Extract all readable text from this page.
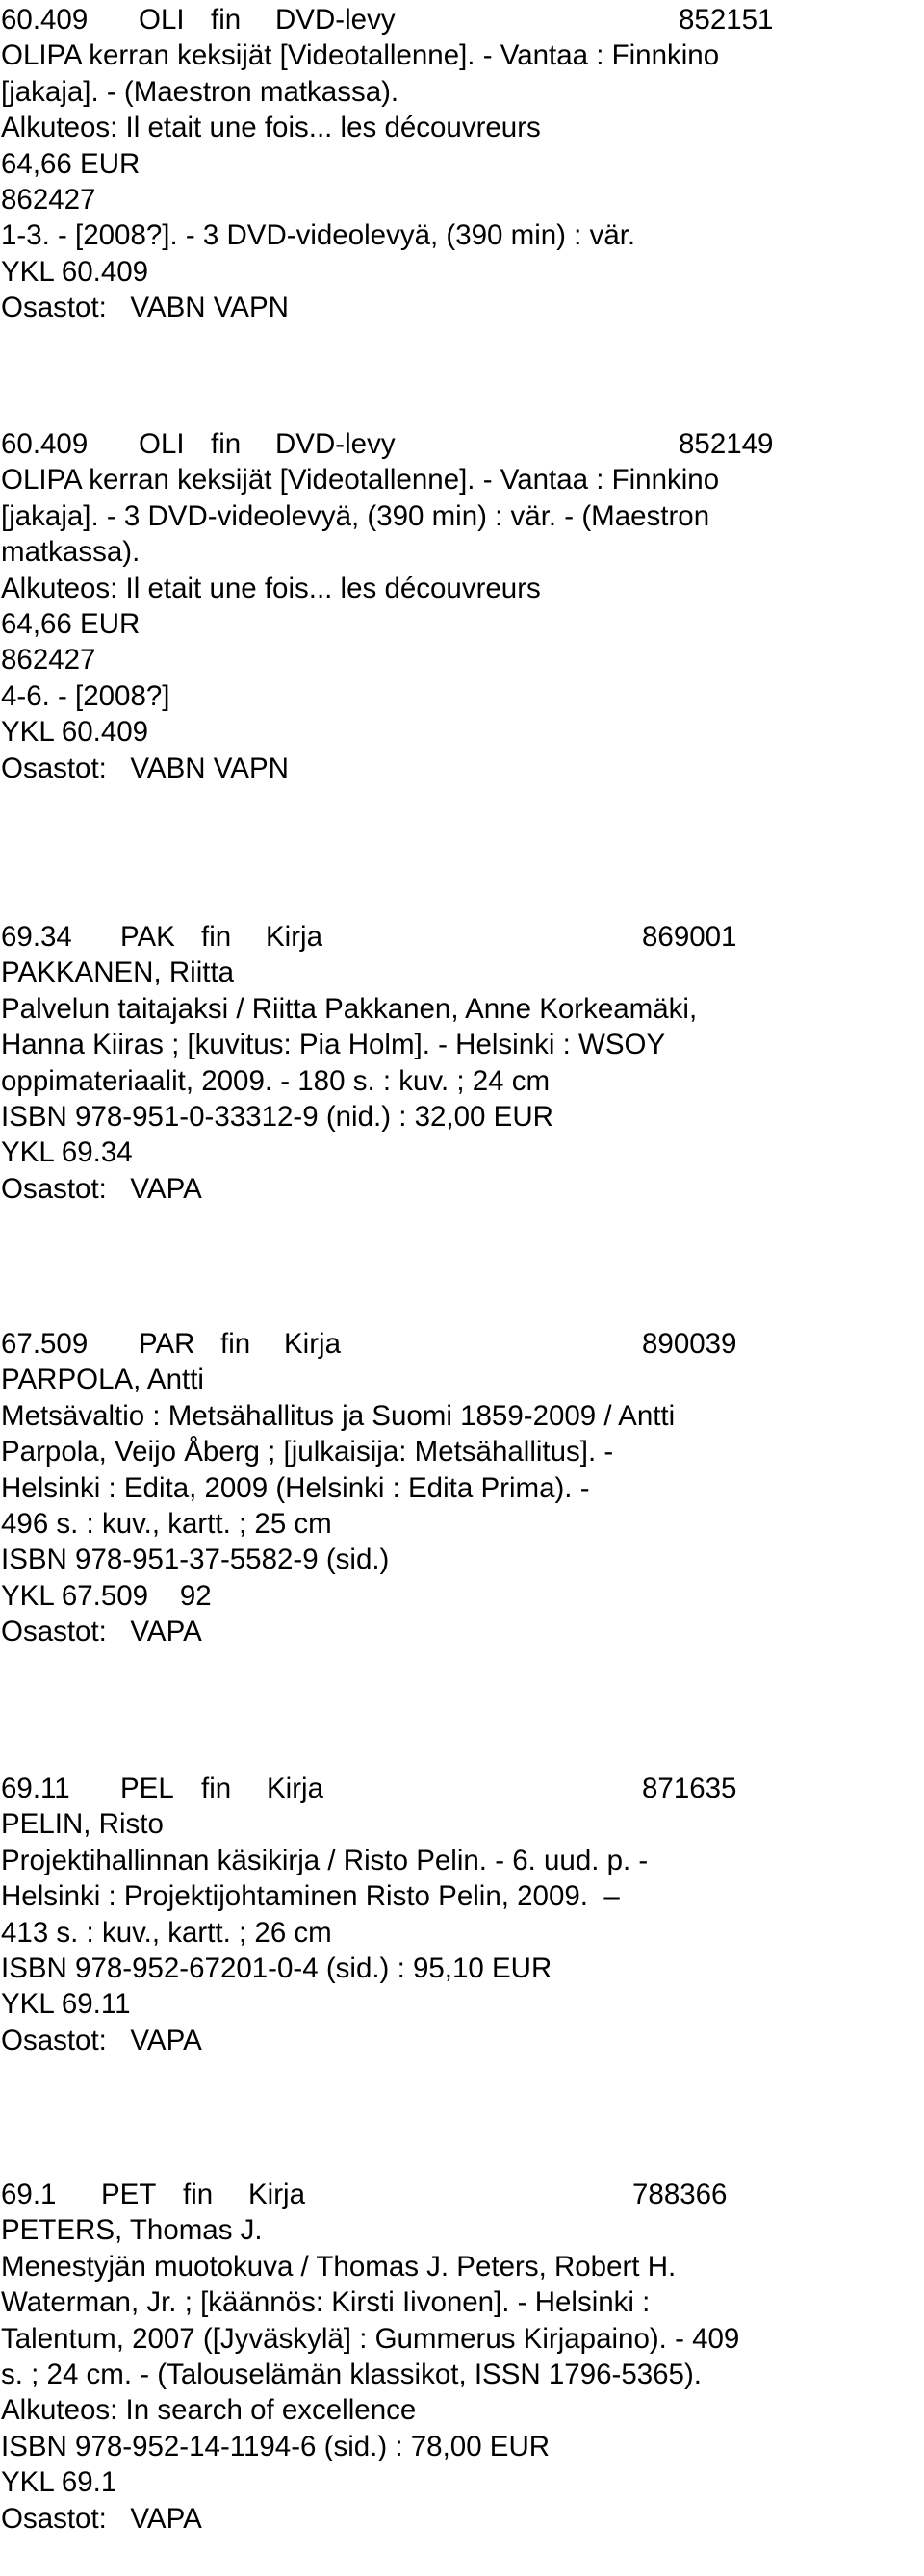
60.409

OLI

fin

DVD-levy

	852151

OLIPA kerran keksijät [Videotallenne]. - Vantaa : Finnkino
[jakaja]. - (Maestron matkassa).
Alkuteos: Il etait une fois... les découvreurs
64,66 EUR
862427
1-3. - [2008?]. - 3 DVD-videolevyä, (390 min) : vär.
YKL 60.409
Osastot:   VABN VAPN

60.409

OLI

fin

DVD-levy

	852149

OLIPA kerran keksijät [Videotallenne]. - Vantaa : Finnkino
[jakaja]. - 3 DVD-videolevyä, (390 min) : vär. - (Maestron
matkassa).
Alkuteos: Il etait une fois... les découvreurs
64,66 EUR
862427
4-6. - [2008?]
YKL 60.409
Osastot:   VABN VAPN

69.34

PAK

fin

Kirja

	869001

PAKKANEN, Riitta
Palvelun taitajaksi / Riitta Pakkanen, Anne Korkeamäki,
Hanna Kiiras ; [kuvitus: Pia Holm]. - Helsinki : WSOY
oppimateriaalit, 2009. - 180 s. : kuv. ; 24 cm
ISBN 978-951-0-33312-9 (nid.) : 32,00 EUR
YKL 69.34
Osastot:   VAPA

67.509

PAR

fin

Kirja

	890039

PARPOLA, Antti
Metsävaltio : Metsähallitus ja Suomi 1859-2009 / Antti
Parpola, Veijo Åberg ; [julkaisija: Metsähallitus]. -
Helsinki : Edita, 2009 (Helsinki : Edita Prima). -
496 s. : kuv., kartt. ; 25 cm
ISBN 978-951-37-5582-9 (sid.)
YKL 67.509    92
Osastot:   VAPA

69.11

PEL

fin

Kirja

	871635

PELIN, Risto
Projektihallinnan käsikirja / Risto Pelin. - 6. uud. p. -
Helsinki : Projektijohtaminen Risto Pelin, 2009.  –
413 s. : kuv., kartt. ; 26 cm
ISBN 978-952-67201-0-4 (sid.) : 95,10 EUR
YKL 69.11
Osastot:   VAPA

69.1

PET

fin

Kirja

	788366

PETERS, Thomas J.
Menestyjän muotokuva / Thomas J. Peters, Robert H.
Waterman, Jr. ; [käännös: Kirsti Iivonen]. - Helsinki :
Talentum, 2007 ([Jyväskylä] : Gummerus Kirjapaino). - 409
s. ; 24 cm. - (Talouselämän klassikot, ISSN 1796-5365).
Alkuteos: In search of excellence
ISBN 978-952-14-1194-6 (sid.) : 78,00 EUR
YKL 69.1
Osastot:   VAPA
